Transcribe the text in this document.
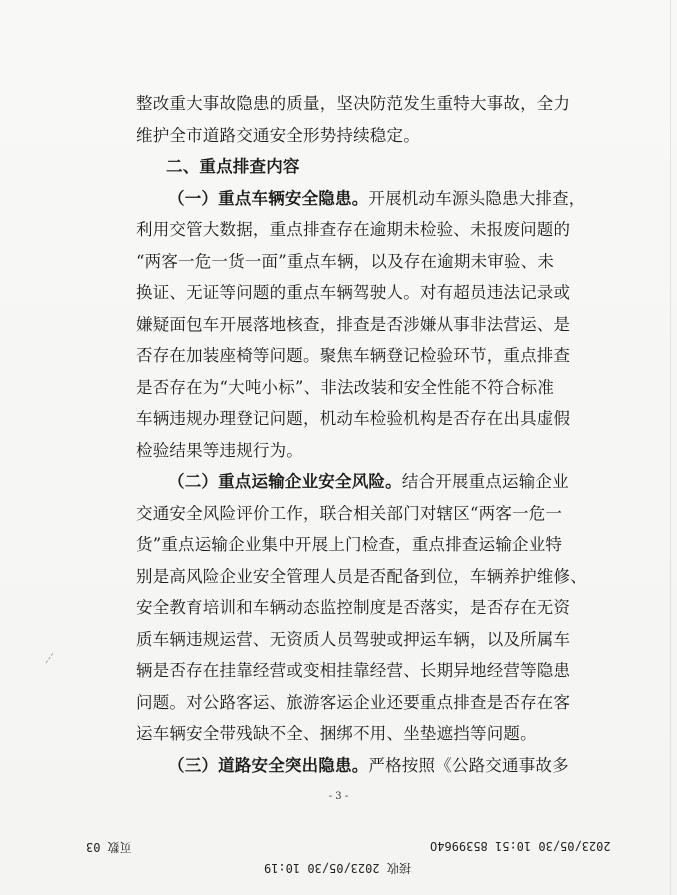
整改重大事故隐患的质量，坚决防范发生重特大事故，全力
维护全市道路交通安全形势持续稳定。
二、重点排查内容
（一）重点车辆安全隐患。开展机动车源头隐患大排查，
利用交管大数据，重点排查存在逾期未检验、未报废问题的
“两客一危一货一面”重点车辆，以及存在逾期未审验、未
换证、无证等问题的重点车辆驾驶人。对有超员违法记录或
嫌疑面包车开展落地核查，排查是否涉嫌从事非法营运、是
否存在加装座椅等问题。聚焦车辆登记检验环节，重点排查
是否存在为“大吨小标”、非法改装和安全性能不符合标准
车辆违规办理登记问题，机动车检验机构是否存在出具虚假
检验结果等违规行为。
（二）重点运输企业安全风险。结合开展重点运输企业
交通安全风险评价工作，联合相关部门对辖区“两客一危一
货”重点运输企业集中开展上门检查，重点排查运输企业特
别是高风险企业安全管理人员是否配备到位，车辆养护维修、
安全教育培训和车辆动态监控制度是否落实，是否存在无资
质车辆违规运营、无资质人员驾驶或押运车辆，以及所属车
辆是否存在挂靠经营或变相挂靠经营、长期异地经营等隐患
问题。对公路客运、旅游客运企业还要重点排查是否存在客
运车辆安全带残缺不全、捆绑不用、坐垫遮挡等问题。
（三）道路安全突出隐患。严格按照《公路交通事故多
- 3 -
页数 03	2023/05/30 10:51 8539964O
接收 2023/05/30 10:19
